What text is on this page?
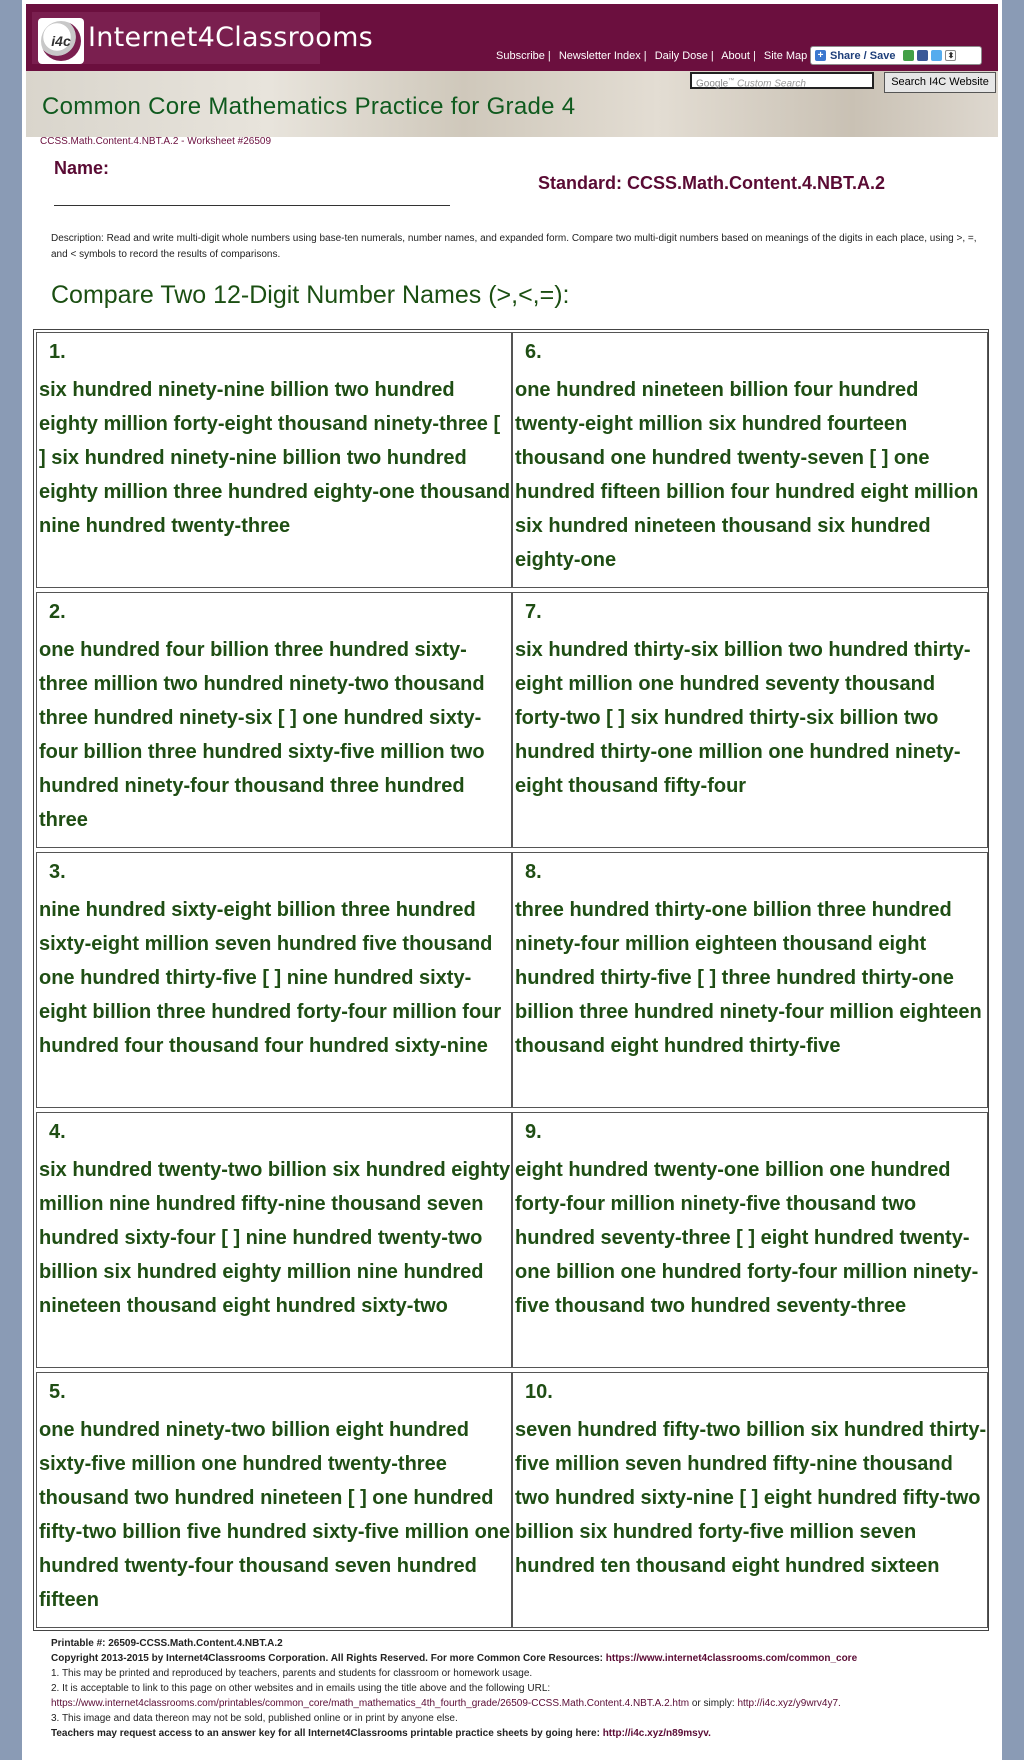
i4c Internet4Classrooms
Subscribe | Newsletter Index | Daily Dose | About | Site Map + Share / Save	⬍
Google™ Custom Search	Search I4C Website
Common Core Mathematics Practice for Grade 4
CCSS.Math.Content.4.NBT.A.2 - Worksheet #26509
Name:
Standard: CCSS.Math.Content.4.NBT.A.2
Description: Read and write multi-digit whole numbers using base-ten numerals, number names, and expanded form. Compare two multi-digit numbers based on meanings of the digits in each place, using >, =, and < symbols to record the results of comparisons.
Compare Two 12-Digit Number Names (>,<,=):
1.
six hundred ninety-nine billion two hundred eighty million forty-eight thousand ninety-three [ ] six hundred ninety-nine billion two hundred eighty million three hundred eighty-one thousand nine hundred twenty-three
6.
one hundred nineteen billion four hundred twenty-eight million six hundred fourteen thousand one hundred twenty-seven [ ] one hundred fifteen billion four hundred eight million six hundred nineteen thousand six hundred eighty-one
2.
one hundred four billion three hundred sixty-three million two hundred ninety-two thousand three hundred ninety-six [ ] one hundred sixty-four billion three hundred sixty-five million two hundred ninety-four thousand three hundred three
7.
six hundred thirty-six billion two hundred thirty-eight million one hundred seventy thousand forty-two [ ] six hundred thirty-six billion two hundred thirty-one million one hundred ninety-eight thousand fifty-four
3.
nine hundred sixty-eight billion three hundred sixty-eight million seven hundred five thousand one hundred thirty-five [ ] nine hundred sixty-eight billion three hundred forty-four million four hundred four thousand four hundred sixty-nine
8.
three hundred thirty-one billion three hundred ninety-four million eighteen thousand eight hundred thirty-five [ ] three hundred thirty-one billion three hundred ninety-four million eighteen thousand eight hundred thirty-five
4.
six hundred twenty-two billion six hundred eighty million nine hundred fifty-nine thousand seven hundred sixty-four [ ] nine hundred twenty-two billion six hundred eighty million nine hundred nineteen thousand eight hundred sixty-two
9.
eight hundred twenty-one billion one hundred forty-four million ninety-five thousand two hundred seventy-three [ ] eight hundred twenty-one billion one hundred forty-four million ninety-five thousand two hundred seventy-three
5.
one hundred ninety-two billion eight hundred sixty-five million one hundred twenty-three thousand two hundred nineteen [ ] one hundred fifty-two billion five hundred sixty-five million one hundred twenty-four thousand seven hundred fifteen
10.
seven hundred fifty-two billion six hundred thirty-five million seven hundred fifty-nine thousand two hundred sixty-nine [ ] eight hundred fifty-two billion six hundred forty-five million seven hundred ten thousand eight hundred sixteen
Printable #: 26509-CCSS.Math.Content.4.NBT.A.2
Copyright 2013-2015 by Internet4Classrooms Corporation. All Rights Reserved. For more Common Core Resources: https://www.internet4classrooms.com/common_core
1. This may be printed and reproduced by teachers, parents and students for classroom or homework usage.
2. It is acceptable to link to this page on other websites and in emails using the title above and the following URL:
https://www.internet4classrooms.com/printables/common_core/math_mathematics_4th_fourth_grade/26509-CCSS.Math.Content.4.NBT.A.2.htm or simply: http://i4c.xyz/y9wrv4y7.
3. This image and data thereon may not be sold, published online or in print by anyone else.
Teachers may request access to an answer key for all Internet4Classrooms printable practice sheets by going here: http://i4c.xyz/n89msyv.
